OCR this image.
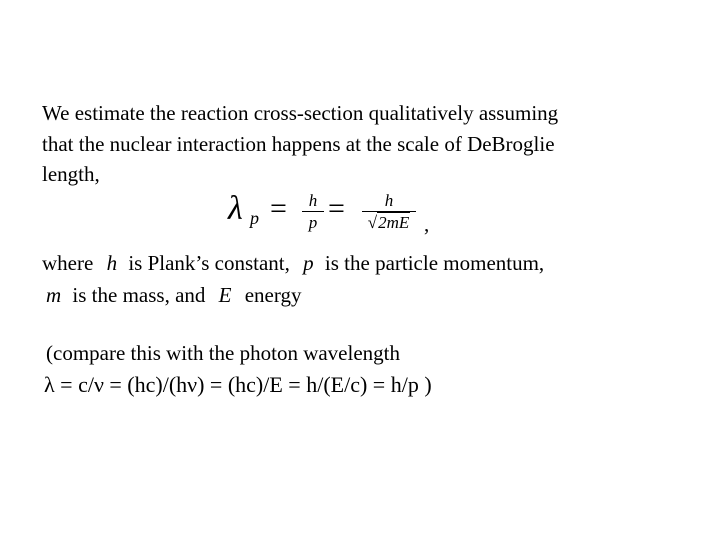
We estimate the reaction cross-section qualitatively assuming
that the nuclear interaction happens at the scale of DeBroglie
length,
λ p =	h
p =	h
√2mE ,
where h is Plank’s constant, p is the particle momentum,
m is the mass, and E energy
(compare this with the photon wavelength
λ = c/ν = (hc)/(hν) = (hc)/E = h/(E/c) = h/p )
